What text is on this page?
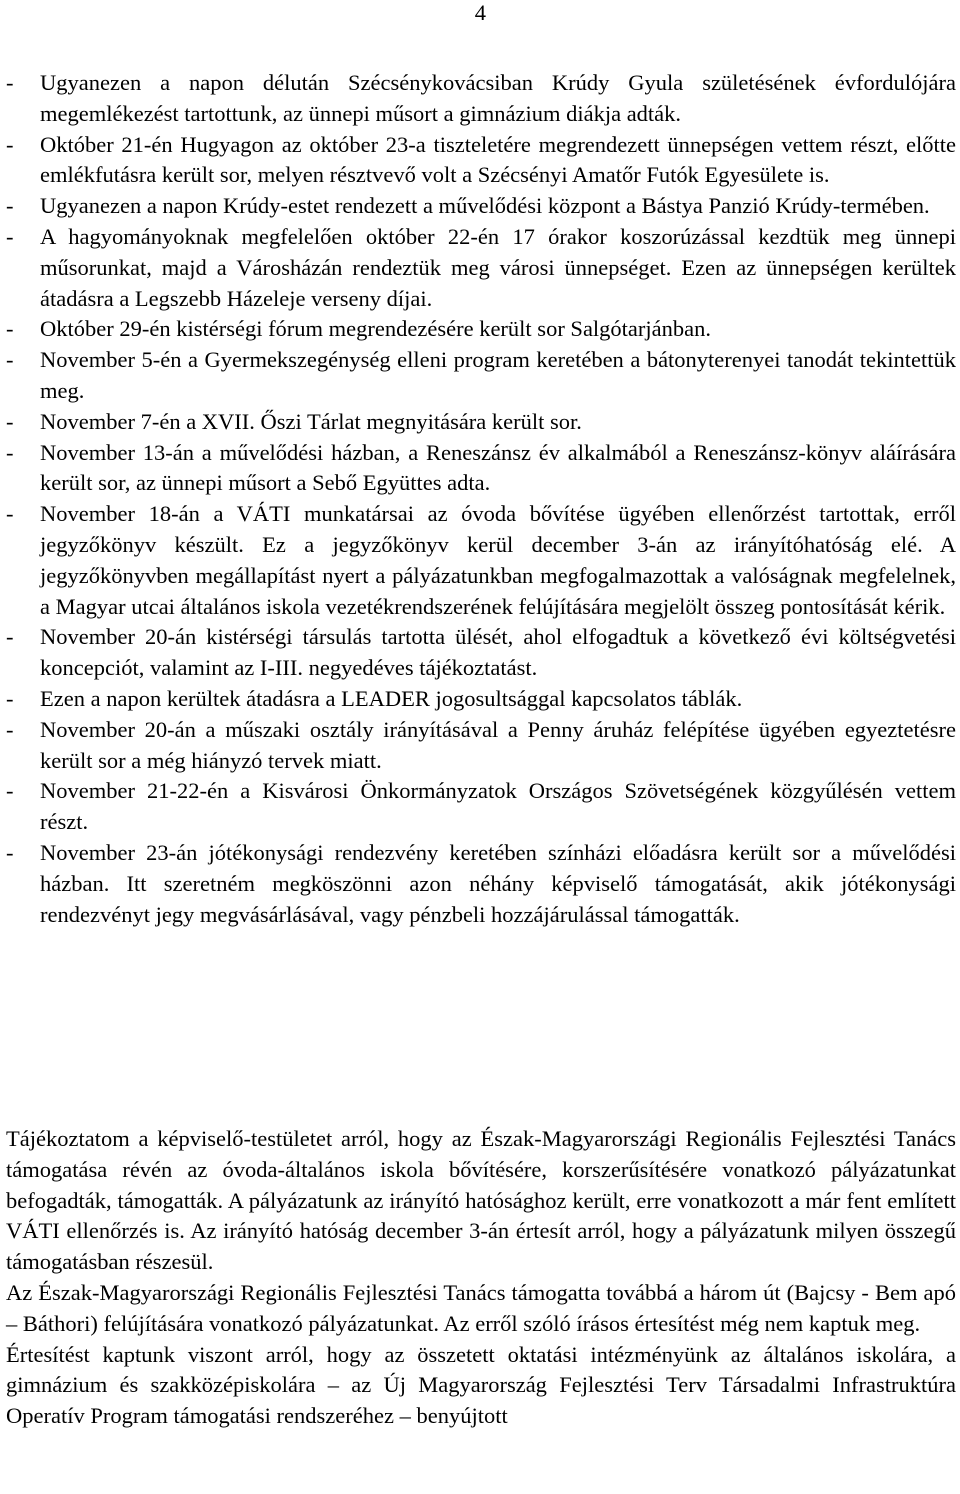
4
- Ugyanezen a napon délután Szécsénykovácsiban Krúdy Gyula születésének évfordulójára megemlékezést tartottunk, az ünnepi műsort a gimnázium diákja adták.
- Október 21-én Hugyagon az október 23-a tiszteletére megrendezett ünnepségen vettem részt, előtte emlékfutásra került sor, melyen résztvevő volt a Szécsényi Amatőr Futók Egyesülete is.
- Ugyanezen a napon Krúdy-estet rendezett a művelődési központ a Bástya Panzió Krúdy-termében.
- A hagyományoknak megfelelően október 22-én 17 órakor koszorúzással kezdtük meg ünnepi műsorunkat, majd a Városházán rendeztük meg városi ünnepséget. Ezen az ünnepségen kerültek átadásra a Legszebb Házeleje verseny díjai.
- Október 29-én kistérségi fórum megrendezésére került sor Salgótarjánban.
- November 5-én a Gyermekszegénység elleni program keretében a bátonyterenyei tanodát tekintettük meg.
- November 7-én a XVII. Őszi Tárlat megnyitására került sor.
- November 13-án a művelődési házban, a Reneszánsz év alkalmából a Reneszánsz-könyv aláírására került sor, az ünnepi műsort a Sebő Együttes adta.
- November 18-án a VÁTI munkatársai az óvoda bővítése ügyében ellenőrzést tartottak, erről jegyzőkönyv készült. Ez a jegyzőkönyv kerül december 3-án az irányítóhatóság elé. A jegyzőkönyvben megállapítást nyert a pályázatunkban megfogalmazottak a valóságnak megfelelnek, a Magyar utcai általános iskola vezetékrendszerének felújítására megjelölt összeg pontosítását kérik.
- November 20-án kistérségi társulás tartotta ülését, ahol elfogadtuk a következő évi költségvetési koncepciót, valamint az I-III. negyedéves tájékoztatást.
- Ezen a napon kerültek átadásra a LEADER jogosultsággal kapcsolatos táblák.
- November 20-án a műszaki osztály irányításával a Penny áruház felépítése ügyében egyeztetésre került sor a még hiányzó tervek miatt.
- November 21-22-én a Kisvárosi Önkormányzatok Országos Szövetségének közgyűlésén vettem részt.
- November 23-án jótékonysági rendezvény keretében színházi előadásra került sor a művelődési házban. Itt szeretném megköszönni azon néhány képviselő támogatását, akik jótékonysági rendezvényt jegy megvásárlásával, vagy pénzbeli hozzájárulással támogatták.

Tájékoztatom a képviselő-testületet arról, hogy az Észak-Magyarországi Regionális Fejlesztési Tanács támogatása révén az óvoda-általános iskola bővítésére, korszerűsítésére vonatkozó pályázatunkat befogadták, támogatták. A pályázatunk az irányító hatósághoz került, erre vonatkozott a már fent említett VÁTI ellenőrzés is. Az irányító hatóság december 3-án értesít arról, hogy a pályázatunk milyen összegű támogatásban részesül.

Az Észak-Magyarországi Regionális Fejlesztési Tanács támogatta továbbá a három út (Bajcsy - Bem apó – Báthori) felújítására vonatkozó pályázatunkat. Az erről szóló írásos értesítést még nem kaptuk meg.

Értesítést kaptunk viszont arról, hogy az összetett oktatási intézményünk az általános iskolára, a gimnázium és szakközépiskolára – az Új Magyarország Fejlesztési Terv Társadalmi Infrastruktúra Operatív Program támogatási rendszeréhez – benyújtott
